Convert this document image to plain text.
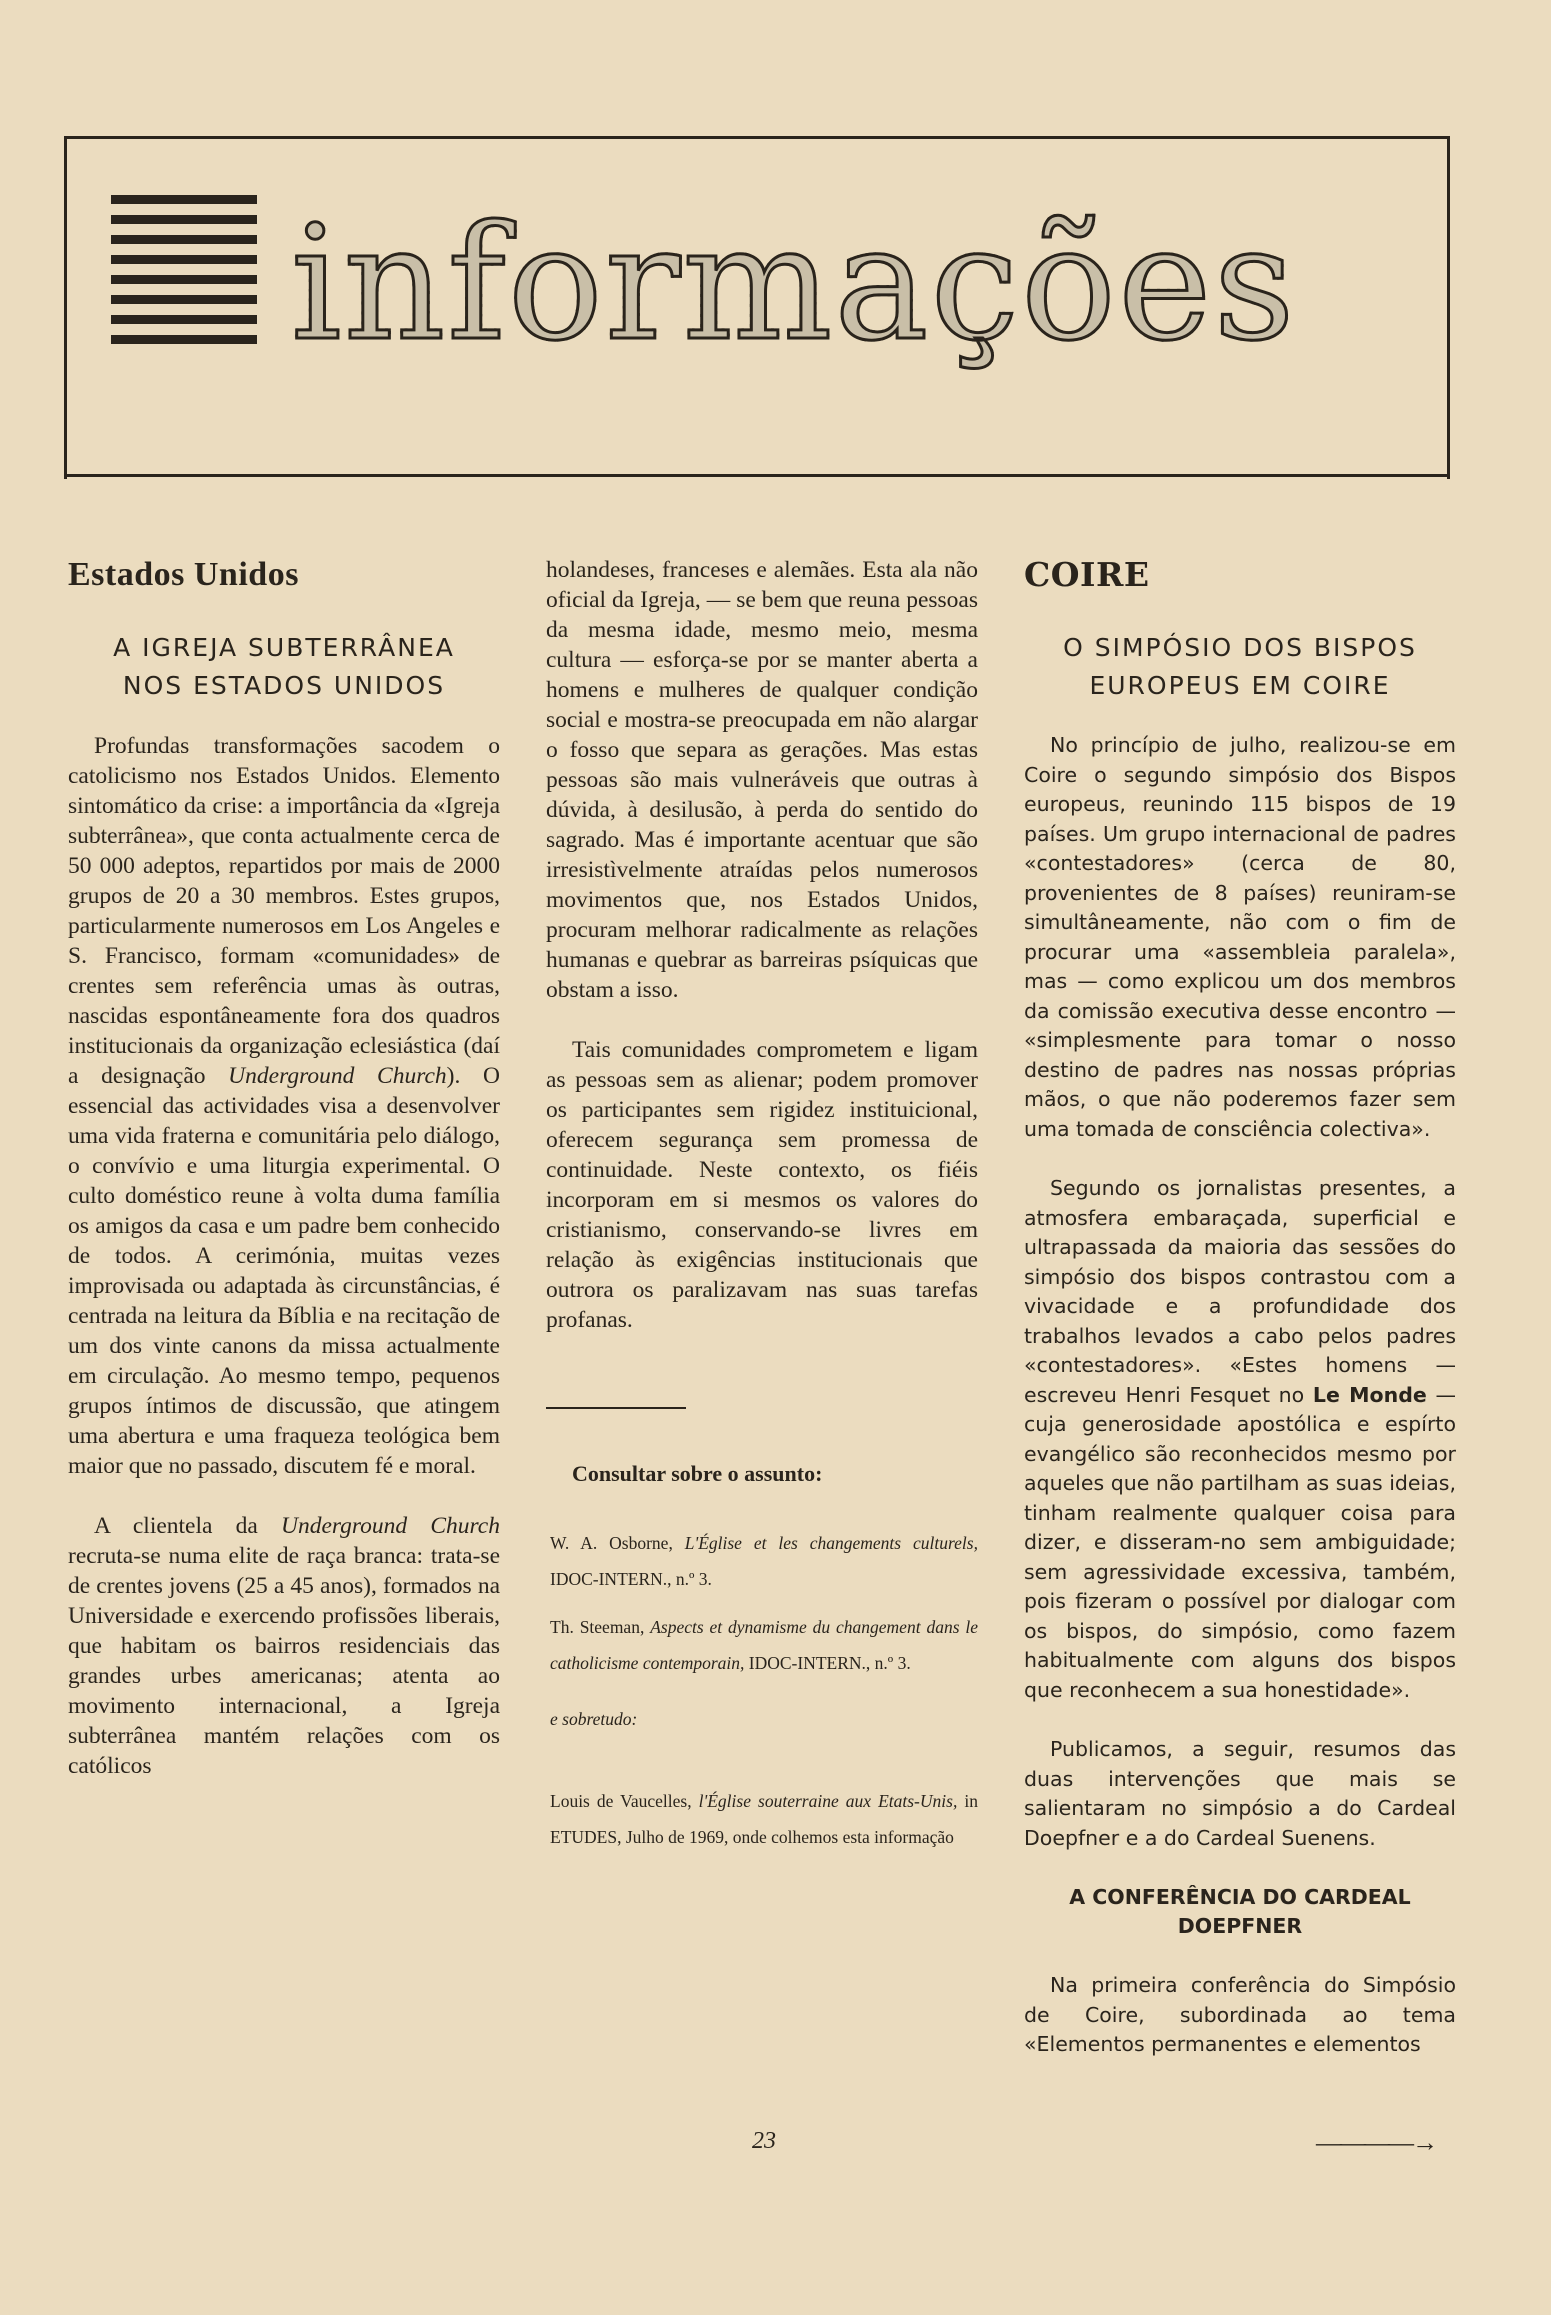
informações
Estados Unidos
A IGREJA SUBTERRÂNEA
NOS ESTADOS UNIDOS

Profundas transformações sacodem o catolicismo nos Estados Unidos. Elemento sintomático da crise: a importância da «Igreja subterrânea», que conta actualmente cerca de 50 000 adeptos, repartidos por mais de 2000 grupos de 20 a 30 membros. Estes grupos, particularmente numerosos em Los Angeles e S. Francisco, formam «comunidades» de crentes sem referência umas às outras, nascidas espontâneamente fora dos quadros institucionais da organização eclesiástica (daí a designação Underground Church). O essencial das actividades visa a desenvolver uma vida fraterna e comunitária pelo diálogo, o convívio e uma liturgia experimental. O culto doméstico reune à volta duma família os amigos da casa e um padre bem conhecido de todos. A cerimónia, muitas vezes improvisada ou adaptada às circunstâncias, é centrada na leitura da Bíblia e na recitação de um dos vinte canons da missa actualmente em circulação. Ao mesmo tempo, pequenos grupos íntimos de discussão, que atingem uma abertura e uma fraqueza teológica bem maior que no passado, discutem fé e moral.

A clientela da Underground Church recruta-se numa elite de raça branca: trata-se de crentes jovens (25 a 45 anos), formados na Universidade e exercendo profissões liberais, que habitam os bairros residenciais das grandes urbes americanas; atenta ao movimento internacional, a Igreja subterrânea mantém relações com os católicos

holandeses, franceses e alemães. Esta ala não oficial da Igreja, — se bem que reuna pessoas da mesma idade, mesmo meio, mesma cultura — esforça-se por se manter aberta a homens e mulheres de qualquer condição social e mostra-se preocupada em não alargar o fosso que separa as gerações. Mas estas pessoas são mais vulneráveis que outras à dúvida, à desilusão, à perda do sentido do sagrado. Mas é importante acentuar que são irresistìvelmente atraídas pelos numerosos movimentos que, nos Estados Unidos, procuram melhorar radicalmente as relações humanas e quebrar as barreiras psíquicas que obstam a isso.

Tais comunidades comprometem e ligam as pessoas sem as alienar; podem promover os participantes sem rigidez instituicional, oferecem segurança sem promessa de continuidade. Neste contexto, os fiéis incorporam em si mesmos os valores do cristianismo, conservando-se livres em relação às exigências institucionais que outrora os paralizavam nas suas tarefas profanas.

Consultar sobre o assunto:

W. A. Osborne, L'Église et les changements culturels, IDOC-INTERN., n.º 3.

Th. Steeman, Aspects et dynamisme du changement dans le catholicisme contemporain, IDOC-INTERN., n.º 3.

e sobretudo:

Louis de Vaucelles, l'Église souterraine aux Etats-Unis, in ETUDES, Julho de 1969, onde colhemos esta informação

COIRE
O SIMPÓSIO DOS BISPOS
EUROPEUS EM COIRE

No princípio de julho, realizou-se em Coire o segundo simpósio dos Bispos europeus, reunindo 115 bispos de 19 países. Um grupo internacional de padres «contestadores» (cerca de 80, provenientes de 8 países) reuniram-se simultâneamente, não com o fim de procurar uma «assembleia paralela», mas — como explicou um dos membros da comissão executiva desse encontro — «simplesmente para tomar o nosso destino de padres nas nossas próprias mãos, o que não poderemos fazer sem uma tomada de consciência colectiva».

Segundo os jornalistas presentes, a atmosfera embaraçada, superficial e ultrapassada da maioria das sessões do simpósio dos bispos contrastou com a vivacidade e a profundidade dos trabalhos levados a cabo pelos padres «contestadores». «Estes homens — escreveu Henri Fesquet no Le Monde — cuja generosidade apostólica e espírto evangélico são reconhecidos mesmo por aqueles que não partilham as suas ideias, tinham realmente qualquer coisa para dizer, e disseram-no sem ambiguidade; sem agressividade excessiva, também, pois fizeram o possível por dialogar com os bispos, do simpósio, como fazem habitualmente com alguns dos bispos que reconhecem a sua honestidade».

Publicamos, a seguir, resumos das duas intervenções que mais se salientaram no simpósio a do Cardeal Doepfner e a do Cardeal Suenens.

A CONFERÊNCIA DO CARDEAL DOEPFNER

Na primeira conferência do Simpósio de Coire, subordinada ao tema «Elementos permanentes e elementos

23	————→
